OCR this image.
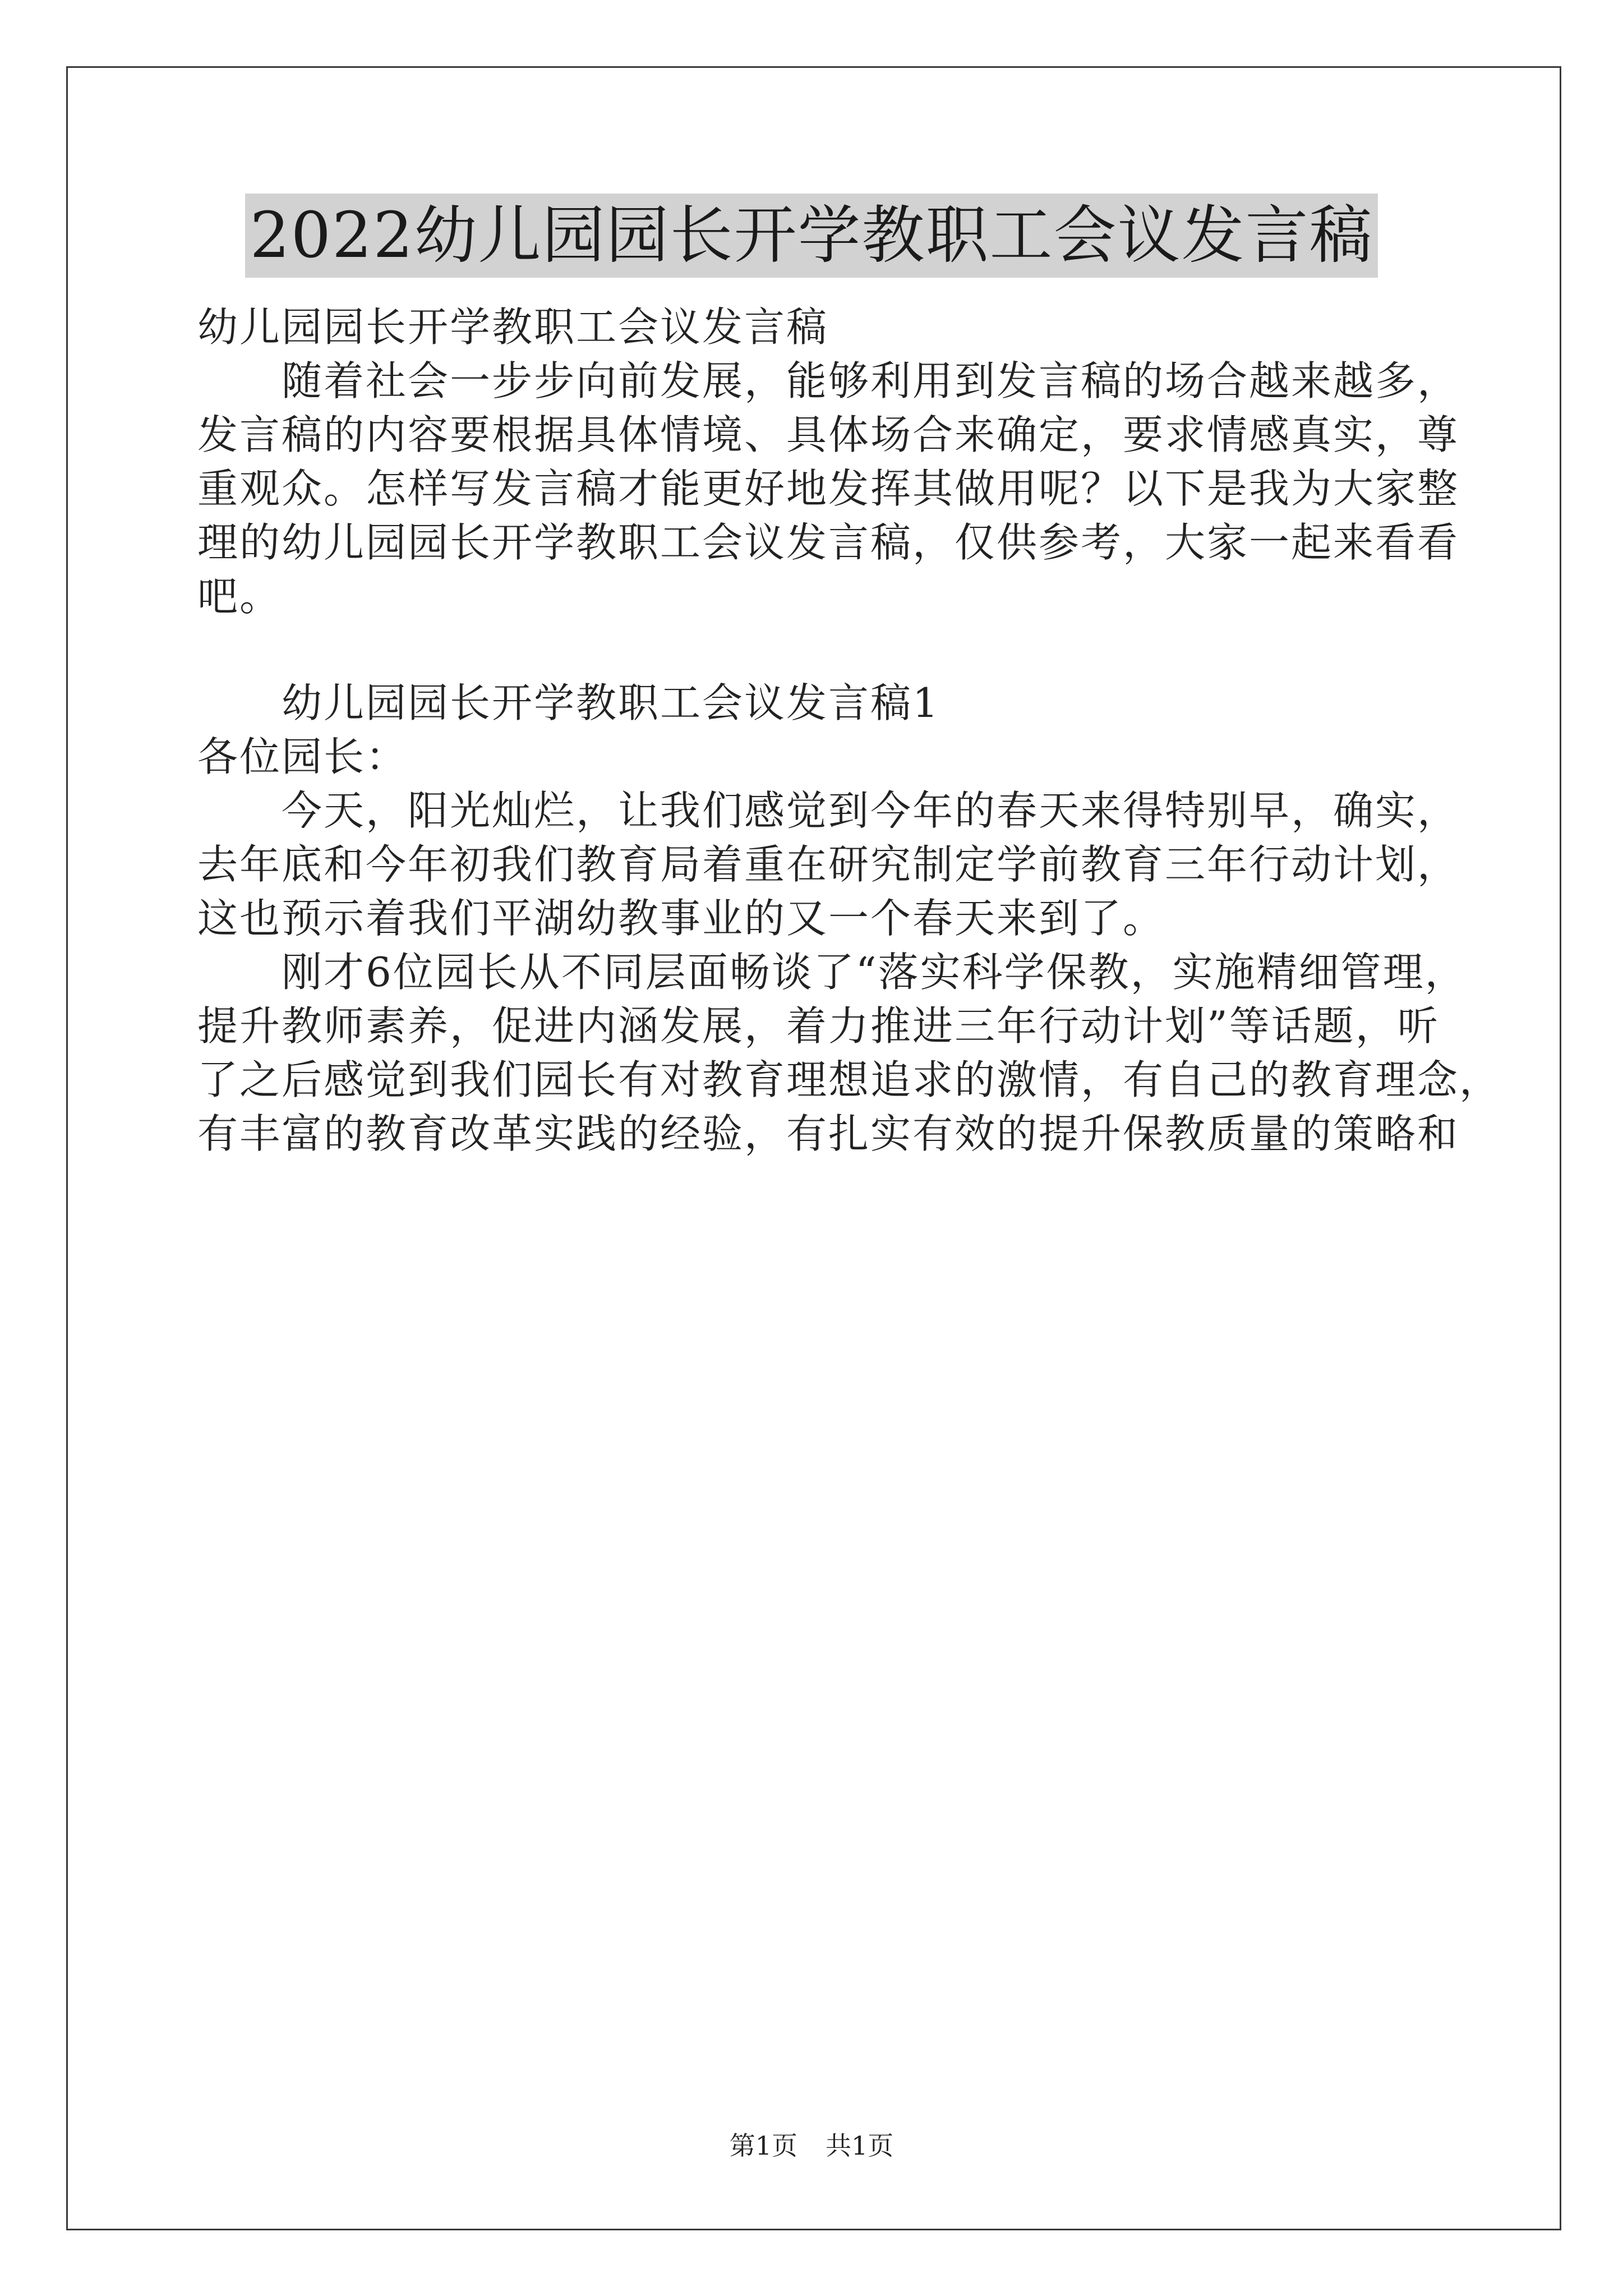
2022幼儿园园长开学教职工会议发言稿
幼儿园园长开学教职工会议发言稿
随着社会一步步向前发展，能够利用到发言稿的场合越来越多，
发言稿的内容要根据具体情境、具体场合来确定，要求情感真实，尊
重观众。怎样写发言稿才能更好地发挥其做用呢？以下是我为大家整
理的幼儿园园长开学教职工会议发言稿，仅供参考，大家一起来看看
吧。
幼儿园园长开学教职工会议发言稿1
各位园长：
今天，阳光灿烂，让我们感觉到今年的春天来得特别早，确实，
去年底和今年初我们教育局着重在研究制定学前教育三年行动计划，
这也预示着我们平湖幼教事业的又一个春天来到了。
刚才6位园长从不同层面畅谈了“落实科学保教，实施精细管理，
提升教师素养，促进内涵发展，着力推进三年行动计划”等话题，听
了之后感觉到我们园长有对教育理想追求的激情，有自己的教育理念，
有丰富的教育改革实践的经验，有扎实有效的提升保教质量的策略和
第1页 共1页
